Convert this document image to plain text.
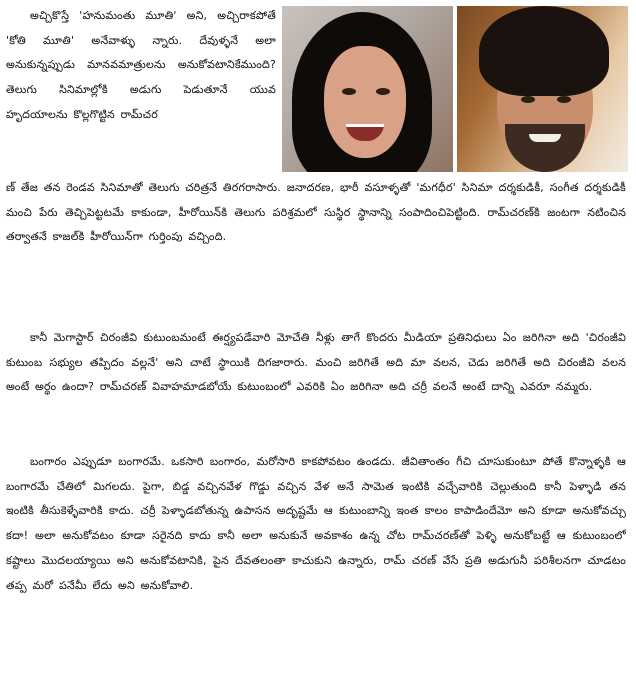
అచ్చికొస్తే 'హనుమంతు మూతి' అని, అచ్చిరాకపోతే 'కోతి మూతి' అనేవాళ్ళు న్నారు. దేవుళ్ళనే అలా అనుకున్నప్పుడు మానవమాత్రులను అనుకోవటానికేముంది? తెలుగు సినిమాల్లోకి అడుగు పెడుతూనే యువ హృదయాలను కొల్లగొట్టిన రామ్‌చర

ణ్ తేజ తన రెండవ సినిమాతో తెలుగు చరిత్రనే తిరగరాసారు. జనాదరణ, భారీ వసూళ్ళతో 'మగధీర' సినిమా దర్శకుడికీ, సంగీత దర్శకుడికీ మంచి పేరు తెచ్చిపెట్టటమే కాకుండా, హీరోయిన్‌కి తెలుగు పరిశ్రమలో సుస్థిర స్థానాన్ని సంపాదించిపెట్టింది. రామ్‌చరణ్‌కి జంటగా నటించిన తర్వాతనే కాజల్‌కి హీరోయిన్‌గా గుర్తింపు వచ్చింది.

కానీ మెగాస్టార్ చిరంజీవి కుటుంబమంటే ఈర్ష్యపడేవారి మోచేతి నీళ్లు తాగే కొందరు మీడియా ప్రతినిధులు ఏం జరిగినా అది 'చిరంజీవి కుటుంబ సభ్యుల తప్పిదం వల్లనే' అని చాటే స్థాయికి దిగజారారు. మంచి జరిగితే అది మా వలన, చెడు జరిగితే అది చిరంజీవి వలన అంటే అర్థం ఉందా? రామ్‌చరణ్ వివాహమాడబోయే కుటుంబంలో ఎవరికి ఏం జరిగినా అది చర్రీ వలనే అంటే దాన్ని ఎవరూ నమ్మరు.

బంగారం ఎప్పుడూ బంగారమే. ఒకసారి బంగారం, మరోసారి కాకపోవటం ఉండదు. జీవితాంతం గీచి చూసుకుంటూ పోతే కొన్నాళ్ళకి ఆ బంగారమే చేతిలో మిగలదు. పైగా, బిడ్డ వచ్చినవేళ గొడ్డు వచ్చిన వేళ అనే సామెత ఇంటికి వచ్చేవారికి చెల్లుతుంది కానీ పెళ్ళాడి తన ఇంటికి తీసుకెళ్ళేవారికి కాదు. చర్రీ పెళ్ళాడబోతున్న ఉపాసన అదృష్టమే ఆ కుటుంబాన్ని ఇంత కాలం కాపాడిందేమో అని కూడా అనుకోవచ్చు కదా! అలా అనుకోవటం కూడా సరైనది కాదు కానీ అలా అనుకునే అవకాశం ఉన్న చోట రామ్‌చరణ్‌తో పెళ్ళి అనుకోబట్టే ఆ కుటుంబంలో కష్టాలు మొదలయ్యాయి అని అనుకోవటానికి, పైన దేవతలంతా కాచుకుని ఉన్నారు, రామ్ చరణ్ వేసే ప్రతి అడుగునీ పరిశీలనగా చూడటం తప్ప మరో పనేమీ లేదు అని అనుకోవాలి.
